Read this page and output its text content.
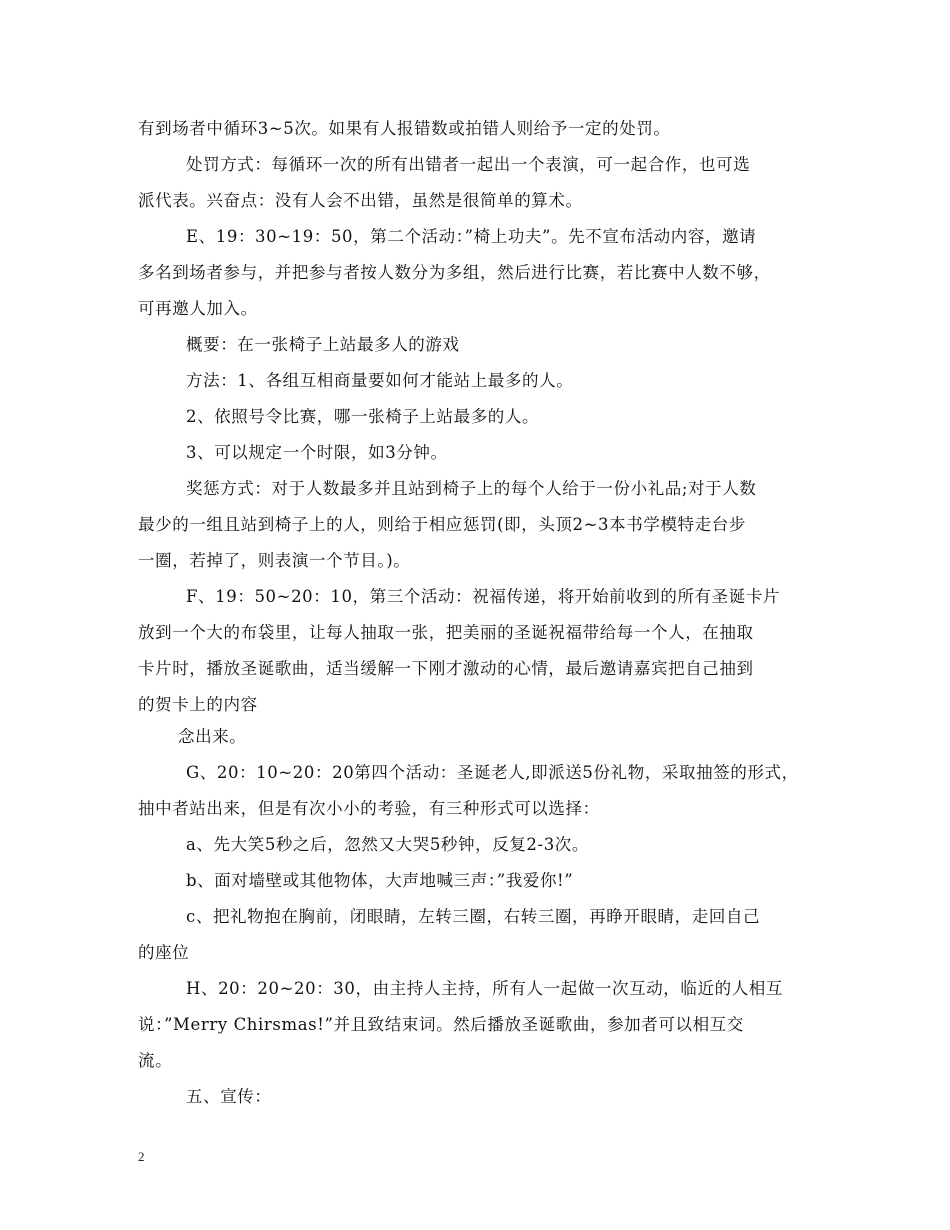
有到场者中循环3~5次。如果有人报错数或拍错人则给予一定的处罚。
处罚方式：每循环一次的所有出错者一起出一个表演，可一起合作，也可选
派代表。兴奋点：没有人会不出错，虽然是很简单的算术。
E、19：30~19：50，第二个活动：”椅上功夫”。先不宣布活动内容，邀请
多名到场者参与，并把参与者按人数分为多组，然后进行比赛，若比赛中人数不够，
可再邀人加入。
概要：在一张椅子上站最多人的游戏
方法：1、各组互相商量要如何才能站上最多的人。
2、依照号令比赛，哪一张椅子上站最多的人。
3、可以规定一个时限，如3分钟。
奖惩方式：对于人数最多并且站到椅子上的每个人给于一份小礼品;对于人数
最少的一组且站到椅子上的人，则给于相应惩罚(即，头顶2~3本书学模特走台步
一圈，若掉了，则表演一个节目。)。
F、19：50~20：10，第三个活动：祝福传递，将开始前收到的所有圣诞卡片
放到一个大的布袋里，让每人抽取一张，把美丽的圣诞祝福带给每一个人，在抽取
卡片时，播放圣诞歌曲，适当缓解一下刚才激动的心情，最后邀请嘉宾把自己抽到
的贺卡上的内容
念出来。
G、20：10~20：20第四个活动：圣诞老人,即派送5份礼物，采取抽签的形式，
抽中者站出来，但是有次小小的考验，有三种形式可以选择：
a、先大笑5秒之后，忽然又大哭5秒钟，反复2-3次。
b、面对墙壁或其他物体，大声地喊三声：”我爱你!”
c、把礼物抱在胸前，闭眼睛，左转三圈，右转三圈，再睁开眼睛，走回自己
的座位
H、20：20~20：30，由主持人主持，所有人一起做一次互动，临近的人相互
说：”Merry Chirsmas!”并且致结束词。然后播放圣诞歌曲，参加者可以相互交
流。
五、宣传：
2
